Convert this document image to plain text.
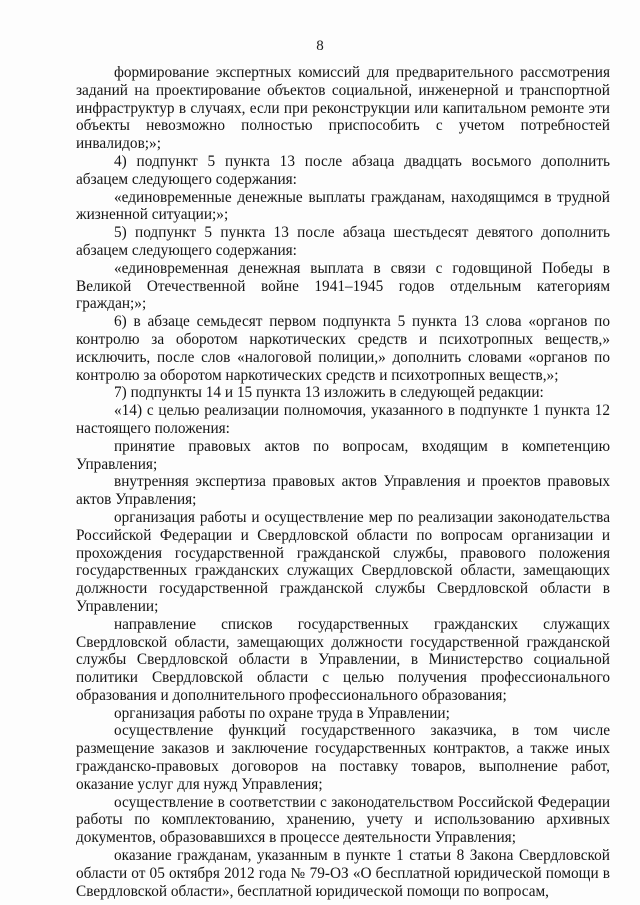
8

формирование экспертных комиссий для предварительного рассмотрения заданий на проектирование объектов социальной, инженерной и транспортной инфраструктур в случаях, если при реконструкции или капитальном ремонте эти объекты невозможно полностью приспособить с учетом потребностей инвалидов;»;

4) подпункт 5 пункта 13 после абзаца двадцать восьмого дополнить абзацем следующего содержания:

«единовременные денежные выплаты гражданам, находящимся в трудной жизненной ситуации;»;

5) подпункт 5 пункта 13 после абзаца шестьдесят девятого дополнить абзацем следующего содержания:

«единовременная денежная выплата в связи с годовщиной Победы в Великой Отечественной войне 1941–1945 годов отдельным категориям граждан;»;

6) в абзаце семьдесят первом подпункта 5 пункта 13 слова «органов по контролю за оборотом наркотических средств и психотропных веществ,» исключить, после слов «налоговой полиции,» дополнить словами «органов по контролю за оборотом наркотических средств и психотропных веществ,»;

7) подпункты 14 и 15 пункта 13 изложить в следующей редакции:

«14) с целью реализации полномочия, указанного в подпункте 1 пункта 12 настоящего положения:

принятие правовых актов по вопросам, входящим в компетенцию Управления;

внутренняя экспертиза правовых актов Управления и проектов правовых актов Управления;

организация работы и осуществление мер по реализации законодательства Российской Федерации и Свердловской области по вопросам организации и прохождения государственной гражданской службы, правового положения государственных гражданских служащих Свердловской области, замещающих должности государственной гражданской службы Свердловской области в Управлении;

направление списков государственных гражданских служащих Свердловской области, замещающих должности государственной гражданской службы Свердловской области в Управлении, в Министерство социальной политики Свердловской области с целью получения профессионального образования и дополнительного профессионального образования;

организация работы по охране труда в Управлении;

осуществление функций государственного заказчика, в том числе размещение заказов и заключение государственных контрактов, а также иных гражданско-правовых договоров на поставку товаров, выполнение работ, оказание услуг для нужд Управления;

осуществление в соответствии с законодательством Российской Федерации работы по комплектованию, хранению, учету и использованию архивных документов, образовавшихся в процессе деятельности Управления;

оказание гражданам, указанным в пункте 1 статьи 8 Закона Свердловской области от 05 октября 2012 года № 79-ОЗ «О бесплатной юридической помощи в Свердловской области», бесплатной юридической помощи по вопросам,
